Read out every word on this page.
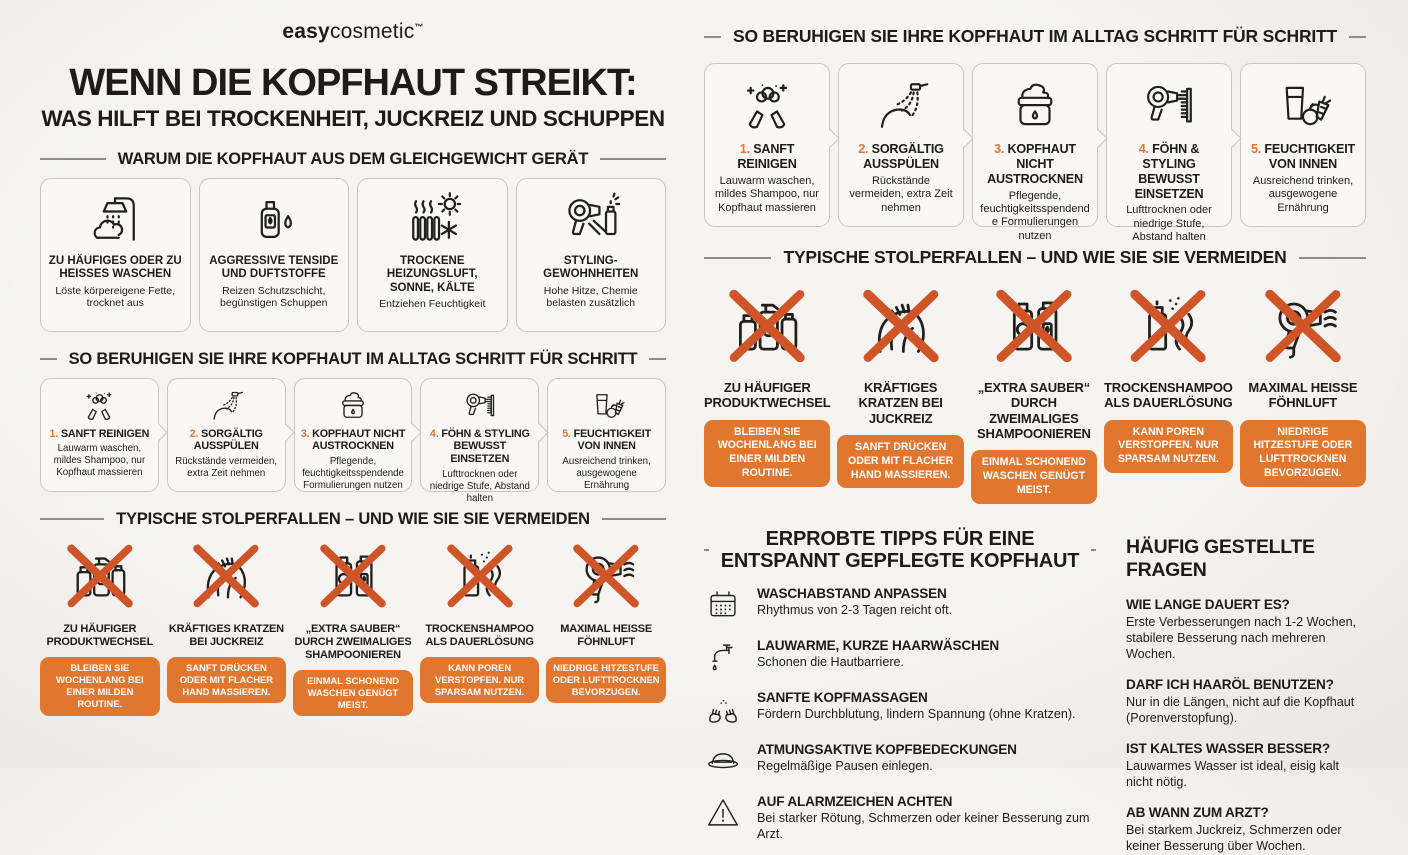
easycosmetic™
WENN DIE KOPFHAUT STREIKT:
WAS HILFT BEI TROCKENHEIT, JUCKREIZ UND SCHUPPEN
WARUM DIE KOPFHAUT AUS DEM GLEICHGEWICHT GERÄT
ZU HÄUFIGES ODER ZU HEISSES WASCHEN
Löste körpereigene Fette, trocknet aus
AGGRESSIVE TENSIDE UND DUFTSTOFFE
Reizen Schutzschicht, begünstigen Schuppen
TROCKENE HEIZUNGSLUFT, SONNE, KÄLTE
Entziehen Feuchtigkeit
STYLING-GEWOHNHEITEN
Hohe Hitze, Chemie belasten zusätzlich
SO BERUHIGEN SIE IHRE KOPFHAUT IM ALLTAG SCHRITT FÜR SCHRITT
1. SANFT REINIGEN
Lauwarm waschen, mildes Shampoo, nur Kopfhaut massieren
2. SORGÄLTIG AUSSPÜLEN
Rückstände vermeiden, extra Zeit nehmen
3. KOPFHAUT NICHT AUSTROCKNEN
Pflegende, feuchtigkeitsspendende Formulierungen nutzen
4. FÖHN & STYLING BEWUSST EINSETZEN
Lufttrocknen oder niedrige Stufe, Abstand halten
5. FEUCHTIGKEIT VON INNEN
Ausreichend trinken, ausgewogene Ernährung
TYPISCHE STOLPERFALLEN – UND WIE SIE SIE VERMEIDEN
ZU HÄUFIGER PRODUKTWECHSEL
BLEIBEN SIE WOCHENLANG BEI EINER MILDEN ROUTINE.
KRÄFTIGES KRATZEN BEI JUCKREIZ
SANFT DRÜCKEN ODER MIT FLACHER HAND MASSIEREN.
„EXTRA SAUBER“ DURCH ZWEIMALIGES SHAMPOONIEREN
EINMAL SCHONEND WASCHEN GENÜGT MEIST.
TROCKENSHAMPOO ALS DAUERLÖSUNG
KANN POREN VERSTOPFEN. NUR SPARSAM NUTZEN.
MAXIMAL HEISSE FÖHNLUFT
NIEDRIGE HITZESTUFE ODER LUFTTROCKNEN BEVORZUGEN.
SO BERUHIGEN SIE IHRE KOPFHAUT IM ALLTAG SCHRITT FÜR SCHRITT
1. SANFT REINIGEN
Lauwarm waschen, mildes Shampoo, nur Kopfhaut massieren
2. SORGÄLTIG AUSSPÜLEN
Rückstände vermeiden, extra Zeit nehmen
3. KOPFHAUT NICHT AUSTROCKNEN
Pflegende, feuchtigkeitsspendende Formulierungen nutzen
4. FÖHN & STYLING BEWUSST EINSETZEN
Lufttrocknen oder niedrige Stufe, Abstand halten
5. FEUCHTIGKEIT VON INNEN
Ausreichend trinken, ausgewogene Ernährung
TYPISCHE STOLPERFALLEN – UND WIE SIE SIE VERMEIDEN
ZU HÄUFIGER PRODUKTWECHSEL
BLEIBEN SIE WOCHENLANG BEI EINER MILDEN ROUTINE.
KRÄFTIGES KRATZEN BEI JUCKREIZ
SANFT DRÜCKEN ODER MIT FLACHER HAND MASSIEREN.
„EXTRA SAUBER“ DURCH ZWEIMALIGES SHAMPOONIEREN
EINMAL SCHONEND WASCHEN GENÜGT MEIST.
TROCKENSHAMPOO ALS DAUERLÖSUNG
KANN POREN VERSTOPFEN. NUR SPARSAM NUTZEN.
MAXIMAL HEISSE FÖHNLUFT
NIEDRIGE HITZESTUFE ODER LUFTTROCKNEN BEVORZUGEN.
ERPROBTE TIPPS FÜR EINE
ENTSPANNT GEPFLEGTE KOPFHAUT
WASCHABSTAND ANPASSEN
Rhythmus von 2-3 Tagen reicht oft.
LAUWARME, KURZE HAARWÄSCHEN
Schonen die Hautbarriere.
SANFTE KOPFMASSAGEN
Fördern Durchblutung, lindern Spannung (ohne Kratzen).
ATMUNGSAKTIVE KOPFBEDECKUNGEN
Regelmäßige Pausen einlegen.
AUF ALARMZEICHEN ACHTEN
Bei starker Rötung, Schmerzen oder keiner Besserung zum Arzt.
HÄUFIG GESTELLTE FRAGEN
WIE LANGE DAUERT ES?
Erste Verbesserungen nach 1-2 Wochen, stabilere Besserung nach mehreren Wochen.
DARF ICH HAARÖL BENUTZEN?
Nur in die Längen, nicht auf die Kopfhaut (Porenverstopfung).
IST KALTES WASSER BESSER?
Lauwarmes Wasser ist ideal, eisig kalt nicht nötig.
AB WANN ZUM ARZT?
Bei starkem Juckreiz, Schmerzen oder keiner Besserung über Wochen.
